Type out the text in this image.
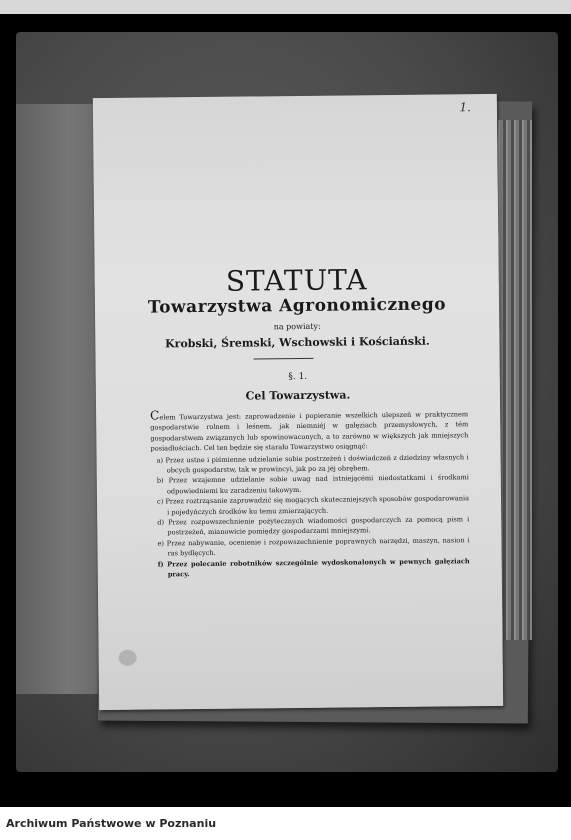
1.
STATUTA
Towarzystwa Agronomicznego
na powiaty:
Krobski, Śremski, Wschowski i Kościański.
§. 1.
Cel Towarzystwa.

Celem Towarzystwa jest: zaprowadzenie i popieranie wszelkich ulepszeń w praktycznem gospodarstwie rolnem i leśnem, jak niemniéj w gałęziach przemysłowych, z tém gospodarstwem związanych lub spowinowaconych, a to zarówno w większych jak mniejszych posiadłościach. Cel ten będzie się starało Towarzystwo osiągnąć:

a) Przez ustne i piśmienne udzielanie sobie postrzeżeń i doświadczeń z dziedziny własnych i obcych gospodarstw, tak w prowincyi, jak po za jéj obrębem.

b) Przez wzajemne udzielanie sobie uwag nad istniejącémi niedostatkami i środkami odpowiedniemi ku zaradzeniu takowym.

c) Przez roztrząsanie zaprowadzić się mogących skuteczniejszych sposobów gospodarowania i pojedyńczych środków ku temu zmierzających.

d) Przez rozpowszechnienie pożytecznych wiadomości gospodarczych za pomocą pism i postrzeżeń, mianowicie pomiędzy gospodarzami mniejszymi.

e) Przez nabywanie, ocenienie i rozpowszechnienie poprawnych narzędzi, maszyn, nasion i ras bydlęcych.

f) Przez polecanie robotników szczególnie wydoskonalonych w pewnych gałęziach pracy.

Archiwum Państwowe w Poznaniu
